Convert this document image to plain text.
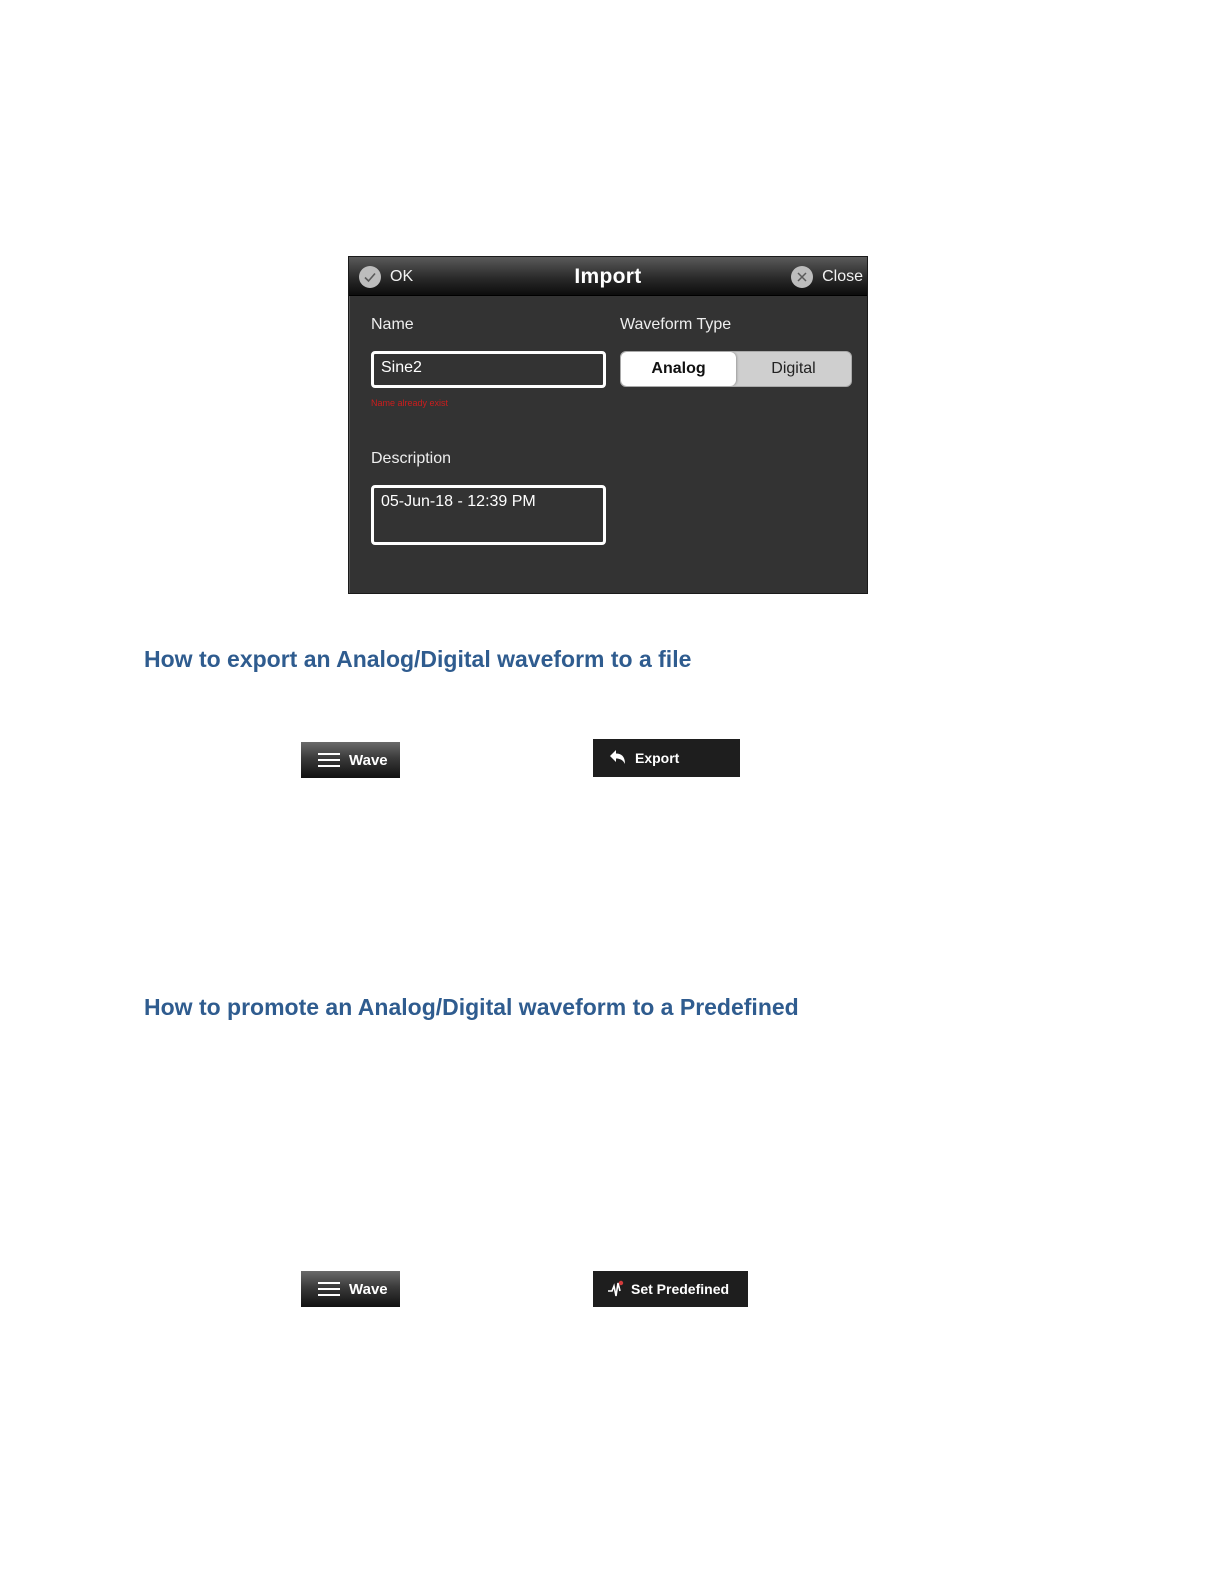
OK	Import	Close
Name
Sine2
Name already exist
Waveform Type
Analog	Digital
Description
05-Jun-18 - 12:39 PM
How to export an Analog/Digital waveform to a file
Wave	Export
How to promote an Analog/Digital waveform to a Predefined
Wave	Set Predefined
